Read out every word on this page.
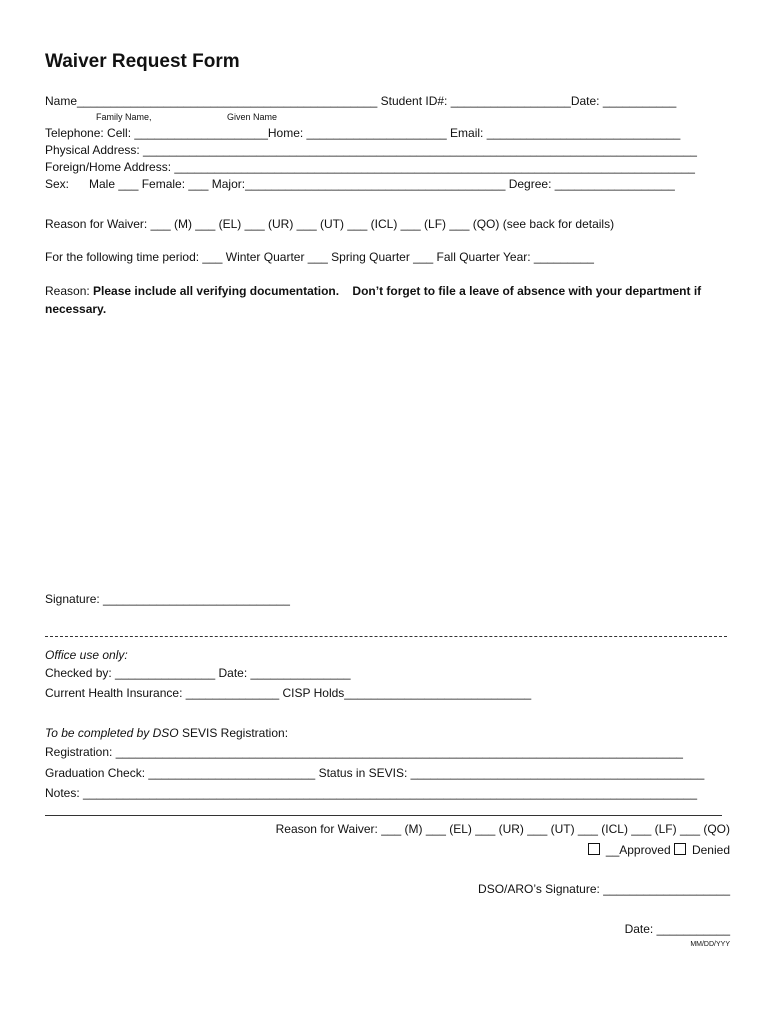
Waiver Request Form
Name_____________________________________________ Student ID#: __________________Date: ___________
Family Name,	Given Name
Telephone: Cell: ____________________Home: _____________________ Email: _____________________________
Physical Address: ___________________________________________________________________________________
Foreign/Home Address: ______________________________________________________________________________
Sex:      Male ___ Female: ___ Major:_______________________________________ Degree: __________________
Reason for Waiver: ___ (M) ___ (EL) ___ (UR) ___ (UT) ___ (ICL) ___ (LF) ___ (QO) (see back for details)
For the following time period: ___ Winter Quarter ___ Spring Quarter ___ Fall Quarter Year: _________
Reason: Please include all verifying documentation.    Don’t forget to file a leave of absence with your department if
necessary.
Signature: ____________________________
Office use only:
Checked by: _______________ Date: _______________
Current Health Insurance: ______________ CISP Holds____________________________
To be completed by DSO SEVIS Registration:
Registration: _____________________________________________________________________________________
Graduation Check: _________________________ Status in SEVIS: ____________________________________________
Notes: ____________________________________________________________________________________________
Reason for Waiver: ___ (M) ___ (EL) ___ (UR) ___ (UT) ___ (ICL) ___ (LF) ___ (QO)
__Approved Denied
DSO/ARO’s Signature: ___________________
Date: ___________
MM/DD/YYY
